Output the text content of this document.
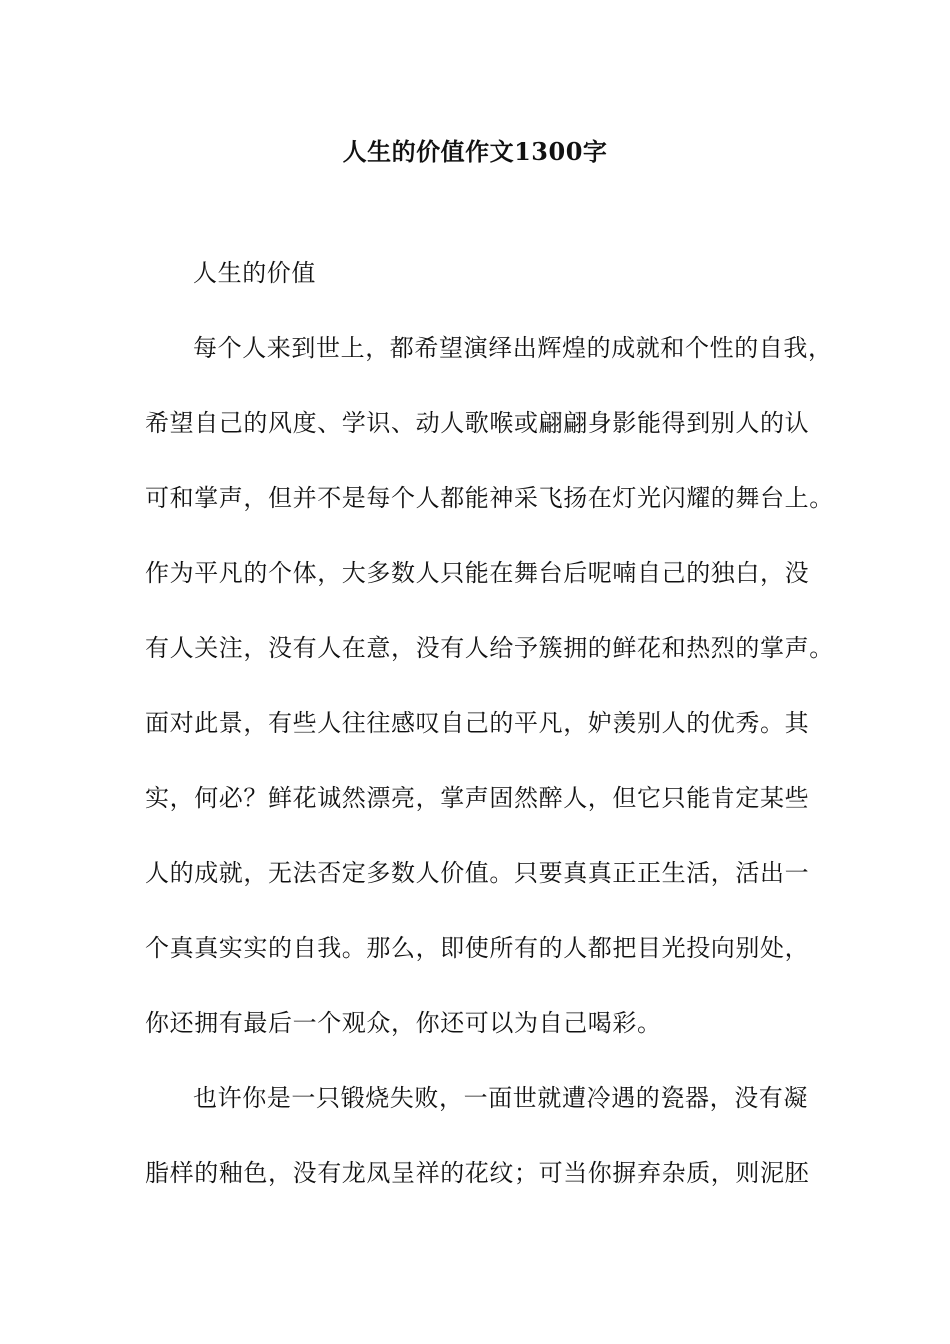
人生的价值作文1300字
人生的价值
每个人来到世上，都希望演绎出辉煌的成就和个性的自我，
希望自己的风度、学识、动人歌喉或翩翩身影能得到别人的认
可和掌声，但并不是每个人都能神采飞扬在灯光闪耀的舞台上。
作为平凡的个体，大多数人只能在舞台后呢喃自己的独白，没
有人关注，没有人在意，没有人给予簇拥的鲜花和热烈的掌声。
面对此景，有些人往往感叹自己的平凡，妒羡别人的优秀。其
实，何必？鲜花诚然漂亮，掌声固然醉人，但它只能肯定某些
人的成就，无法否定多数人价值。只要真真正正生活，活出一
个真真实实的自我。那么，即使所有的人都把目光投向别处，
你还拥有最后一个观众，你还可以为自己喝彩。
也许你是一只锻烧失败，一面世就遭冷遇的瓷器，没有凝
脂样的釉色，没有龙凤呈祥的花纹；可当你摒弃杂质，则泥胚
